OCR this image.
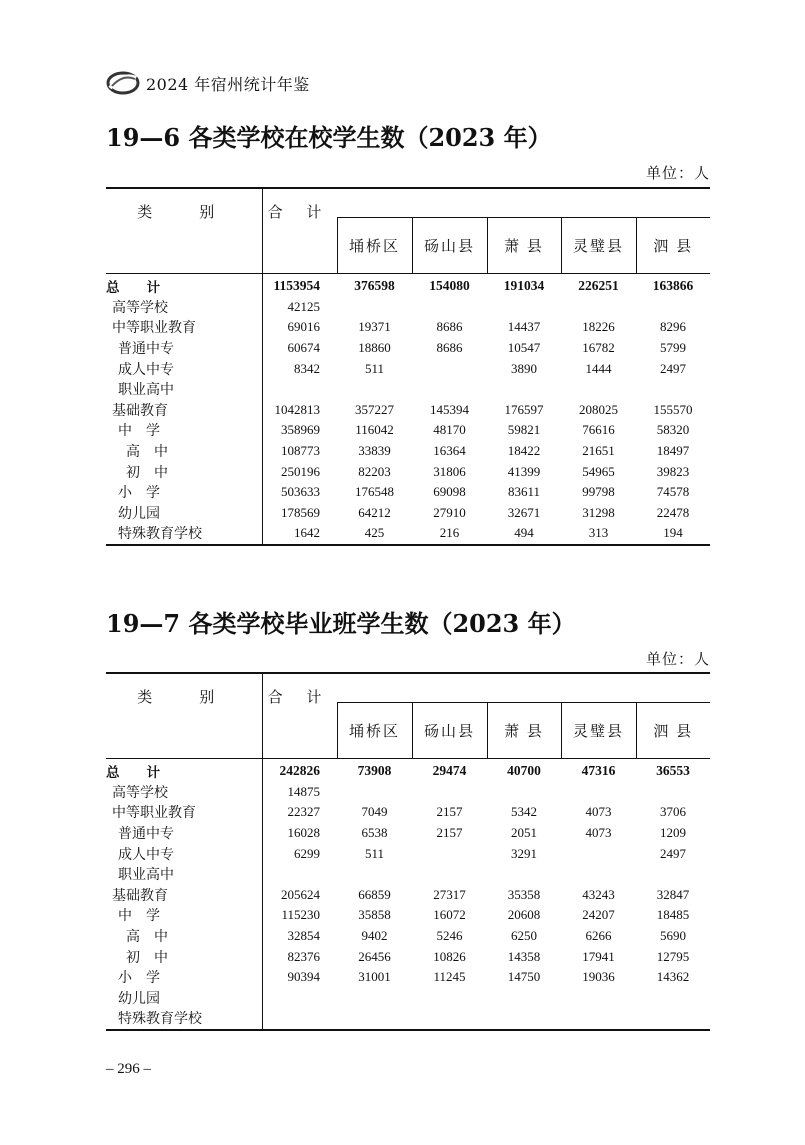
2024 年宿州统计年鉴
19—6 各类学校在校学生数（2023 年）
单位：人
类　别	合 计					
		埇桥区	砀山县	萧 县	灵璧县	泗 县
总　　计	1153954	376598	154080	191034	226251	163866
高等学校	42125					
中等职业教育	69016	19371	8686	14437	18226	8296
普通中专	60674	18860	8686	10547	16782	5799
成人中专	8342	511		3890	1444	2497
职业高中						
基础教育	1042813	357227	145394	176597	208025	155570
中　学	358969	116042	48170	59821	76616	58320
高　中	108773	33839	16364	18422	21651	18497
初　中	250196	82203	31806	41399	54965	39823
小　学	503633	176548	69098	83611	99798	74578
幼儿园	178569	64212	27910	32671	31298	22478
特殊教育学校	1642	425	216	494	313	194
19—7 各类学校毕业班学生数（2023 年）
单位：人
类　别	合 计					
		埇桥区	砀山县	萧 县	灵璧县	泗 县
总　　计	242826	73908	29474	40700	47316	36553
高等学校	14875					
中等职业教育	22327	7049	2157	5342	4073	3706
普通中专	16028	6538	2157	2051	4073	1209
成人中专	6299	511		3291		2497
职业高中						
基础教育	205624	66859	27317	35358	43243	32847
中　学	115230	35858	16072	20608	24207	18485
高　中	32854	9402	5246	6250	6266	5690
初　中	82376	26456	10826	14358	17941	12795
小　学	90394	31001	11245	14750	19036	14362
幼儿园						
特殊教育学校						
– 296 –
